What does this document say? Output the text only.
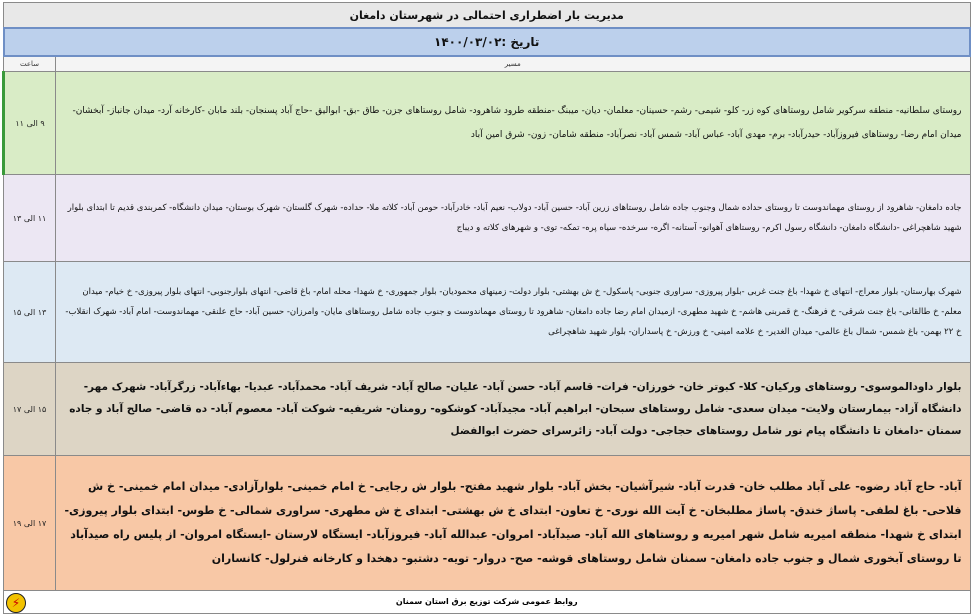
مدیریت بار اضطراری احتمالی در شهرستان دامغان	
تاریخ :۱۴۰۰/۰۳/۰۲	
مسیر	ساعت
روستای سلطانیه- منطقه سرکویر شامل روستاهای کوه زر- کلو- شیمی- رشم- حسینان- معلمان- دیان- میبنگ -منطقه طرود شاهرود- شامل روستاهای جزن- طاق -بق- ابوالیق -حاج آباد پسنجان- بلند مابان -کارخانه آرد- میدان جانباز- آبخشان- میدان امام رضا- روستاهای فیروزآباد- حیدرآباد- برم- مهدی آباد- عباس آباد- شمس آباد- نصرآباد- منطقه شامان- زون- شرق امین آباد	۹ الی ۱۱
جاده دامغان- شاهرود از روستای مهماندوست تا روستای حداده شمال وجنوب جاده شامل روستاهای زرین آباد- حسین آباد- دولاب- نعیم آباد- خادرآباد- حومن آباد- کلاته ملا- حداده- شهرک گلستان- شهرک بوستان- میدان دانشگاه- کمربندی قدیم تا ابتدای بلوار شهید شاهچراغی -دانشگاه دامغان- دانشگاه رسول اکرم- روستاهای آهوانو- آستانه- اگره- سرخده- سیاه پره- تمکه- توی- و شهرهای کلاته و دیباج	۱۱ الی ۱۳
شهرک بهارستان- بلوار معراج- انتهای خ شهدا- باغ جنت غربی -بلوار پیروزی- سراوری جنوبی- پاسکول- خ ش بهشتی- بلوار دولت- زمینهای محمودیان- بلوار جمهوری- خ شهدا- محله امام- باغ قاضی- انتهای بلوارجنوبی- انتهای بلوار پیروزی- خ خیام- میدان معلم- خ طالقانی- باغ جنت شرقی- خ فرهنگ- خ قمربنی هاشم- خ شهید مطهری- ازمیدان امام رضا جاده دامغان- شاهرود تا روستای مهماندوست و جنوب جاده شامل روستاهای مایان- وامرزان- حسین آباد- حاج علنقی- مهماندوست- امام آباد- شهرک انقلاب- خ ۲۲ بهمن- باغ شمس- شمال باغ عالمی- میدان الغدیر- خ علامه امینی- خ ورزش- خ پاسداران- بلوار شهید شاهچراغی	۱۳ الی ۱۵
بلوار داودالموسوی- روستاهای ورکیان- کلا- کبوتر خان- خورزان- فرات- قاسم آباد- حسن آباد- علیان- صالح آباد- شریف آباد- محمدآباد- عبدیا- بهاءآباد- زرگرآباد- شهرک مهر- دانشگاه آزاد- بیمارستان ولایت- میدان سعدی- شامل روستاهای سبحان- ابراهیم آباد- مجیدآباد- کوشکوه- رومنان- شریفیه- شوکت آباد- معصوم آباد- ده قاضی- صالح آباد و جاده سمنان -دامغان تا دانشگاه پیام نور شامل روستاهای حجاجی- دولت آباد- زائرسرای حضرت ابوالفضل	۱۵ الی ۱۷
آباد- حاج آباد رضوه- علی آباد مطلب خان- قدرت آباد- شیرآشیان- بخش آباد- بلوار شهید مفتح- بلوار ش رجایی- خ امام خمینی- بلوارآزادی- میدان امام خمینی- خ ش فلاحی- باغ لطفی- پاساژ خندق- پاساژ مطلبخان- خ آیت الله نوری- خ تعاون- ابتدای خ ش بهشتی- ابتدای خ ش مطهری- سراوری شمالی- خ طوس- ابتدای بلوار پیروزی- ابتدای خ شهدا- منطقه امیریه شامل شهر امیریه و روستاهای الله آباد- صیدآباد- امروان- عبدالله آباد- فیروزآباد- ایستگاه لارستان -ایستگاه امروان- از پلیس راه صیدآباد تا روستای آبخوری شمال و جنوب جاده دامغان- سمنان شامل روستاهای قوشه- صح- دروار- تویه- دشتبو- دهخدا و کارخانه فنرلول- کانساران	۱۷ الی ۱۹

روابط عمومی شرکت توزیع برق استان سمنان
⚡	
